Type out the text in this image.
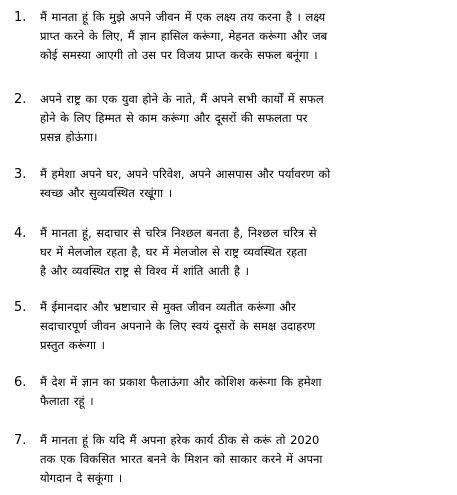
1.	मैं मानता हूं कि मुझे अपने जीवन में एक लक्ष्य तय करना है । लक्ष्य
प्राप्त करने के लिए, मैं ज्ञान हासिल करूंगा, मेहनत करूंगा और जब
कोई समस्या आएगी तो उस पर विजय प्राप्त करके सफल बनूंगा ।
2.	अपने राष्ट्र का एक युवा होने के नाते, मैं अपने सभी कार्यों में सफल
होने के लिए हिम्मत से काम करूंगा और दूसरों की सफलता पर
प्रसन्न होऊंगा।
3.	मैं हमेशा अपने घर, अपने परिवेश, अपने आसपास और पर्यावरण को
स्वच्छ और सुव्यवस्थित रखूंगा ।
4.	मैं मानता हूं, सदाचार से चरित्र निश्छल बनता है, निश्छल चरित्र से
घर में मेलजोल रहता है, घर में मेलजोल से राष्ट्र व्यवस्थित रहता
है और व्यवस्थित राष्ट्र से विश्व में शांति आती है ।
5.	मैं ईमानदार और भ्रष्टाचार से मुक्त जीवन व्यतीत करूंगा और
सदाचारपूर्ण जीवन अपनाने के लिए स्वयं दूसरों के समक्ष उदाहरण
प्रस्तुत करूंगा ।
6.	मैं देश में ज्ञान का प्रकाश फैलाऊंगा और कोशिश करूंगा कि हमेशा
फैलाता रहूं ।
7.	मैं मानता हूं कि यदि मैं अपना हरेक कार्य ठीक से करूं तो 2020
तक एक विकसित भारत बनने के मिशन को साकार करने में अपना
योगदान दे सकूंगा ।
